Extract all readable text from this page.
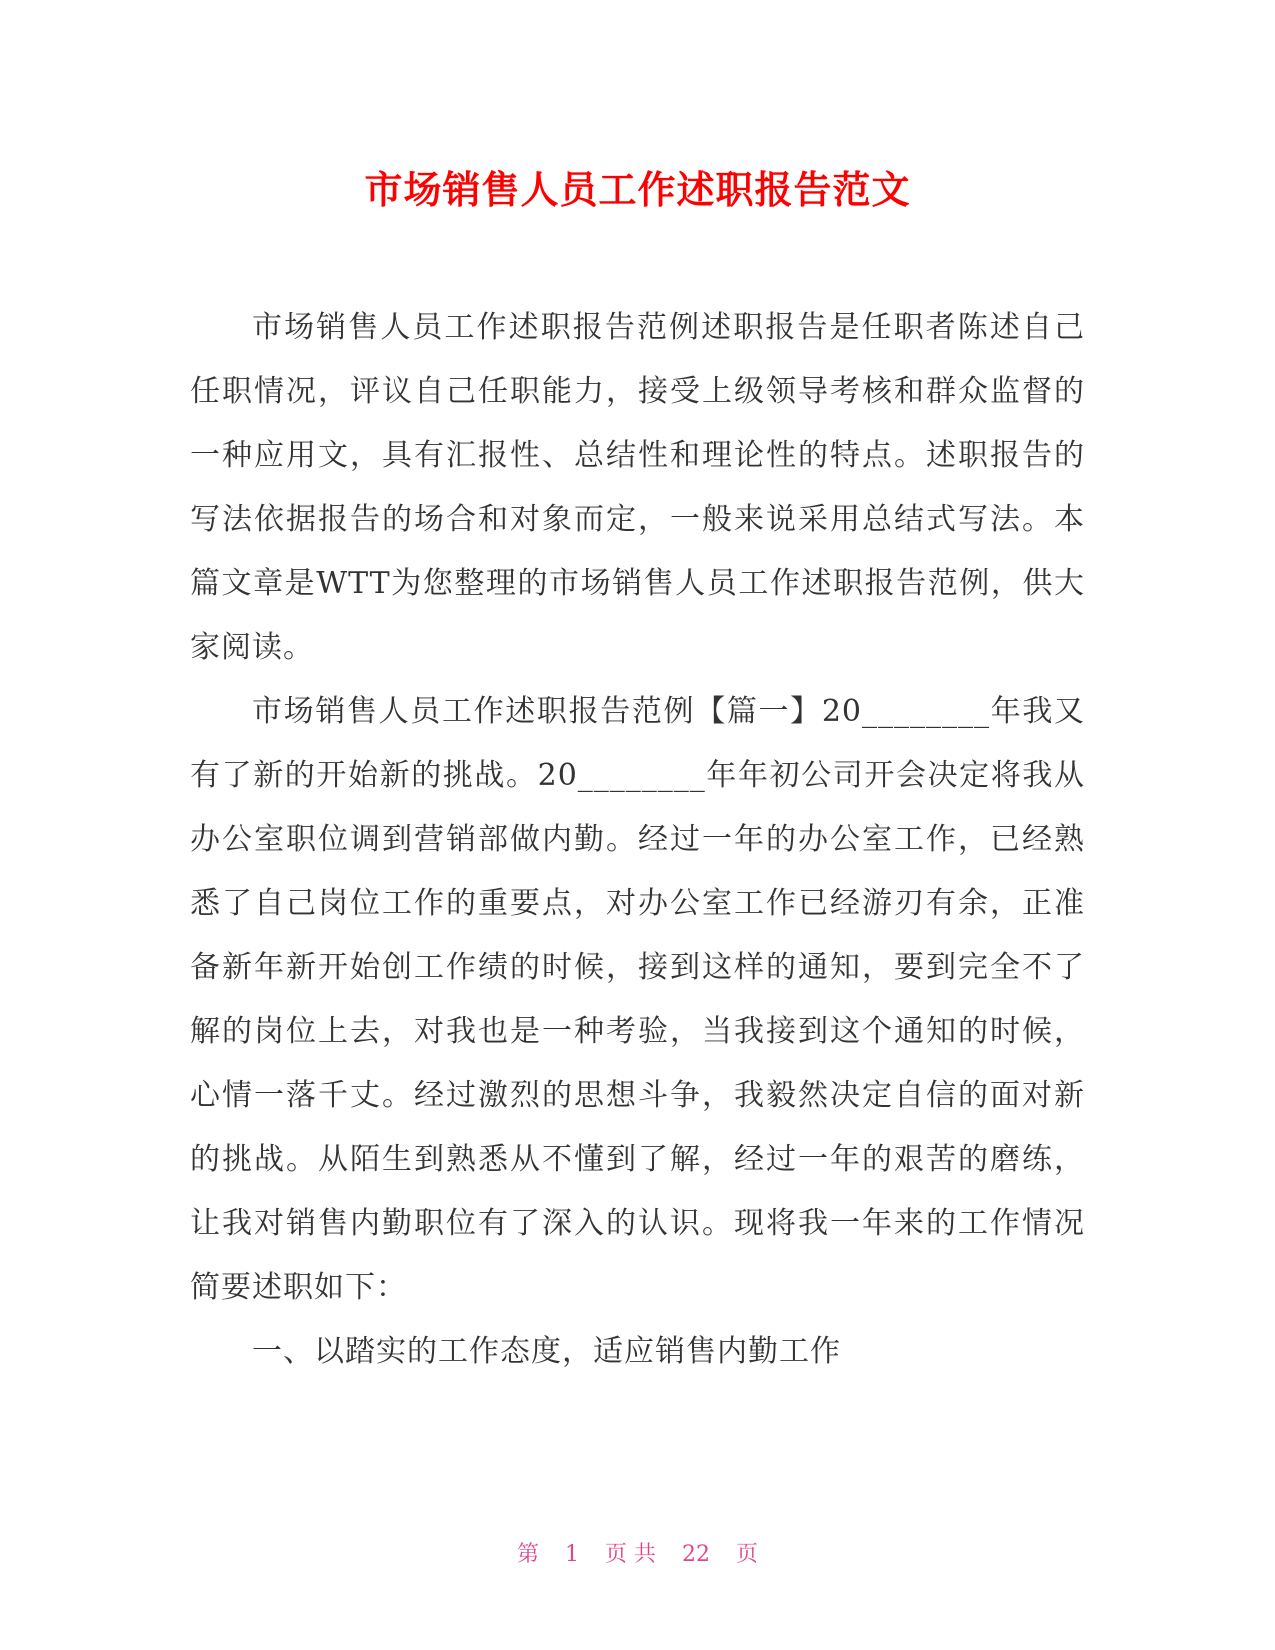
市场销售人员工作述职报告范文

市场销售人员工作述职报告范例述职报告是任职者陈述自己任职情况，评议自己任职能力，接受上级领导考核和群众监督的一种应用文，具有汇报性、总结性和理论性的特点。述职报告的写法依据报告的场合和对象而定，一般来说采用总结式写法。本篇文章是WTT为您整理的市场销售人员工作述职报告范例，供大家阅读。

市场销售人员工作述职报告范例【篇一】20________年我又有了新的开始新的挑战。20________年年初公司开会决定将我从办公室职位调到营销部做内勤。经过一年的办公室工作，已经熟悉了自己岗位工作的重要点，对办公室工作已经游刃有余，正准备新年新开始创工作绩的时候，接到这样的通知，要到完全不了解的岗位上去，对我也是一种考验，当我接到这个通知的时候，心情一落千丈。经过激烈的思想斗争，我毅然决定自信的面对新的挑战。从陌生到熟悉从不懂到了解，经过一年的艰苦的磨练，让我对销售内勤职位有了深入的认识。现将我一年来的工作情况简要述职如下：

一、以踏实的工作态度，适应销售内勤工作

第 1 页 共 22 页
